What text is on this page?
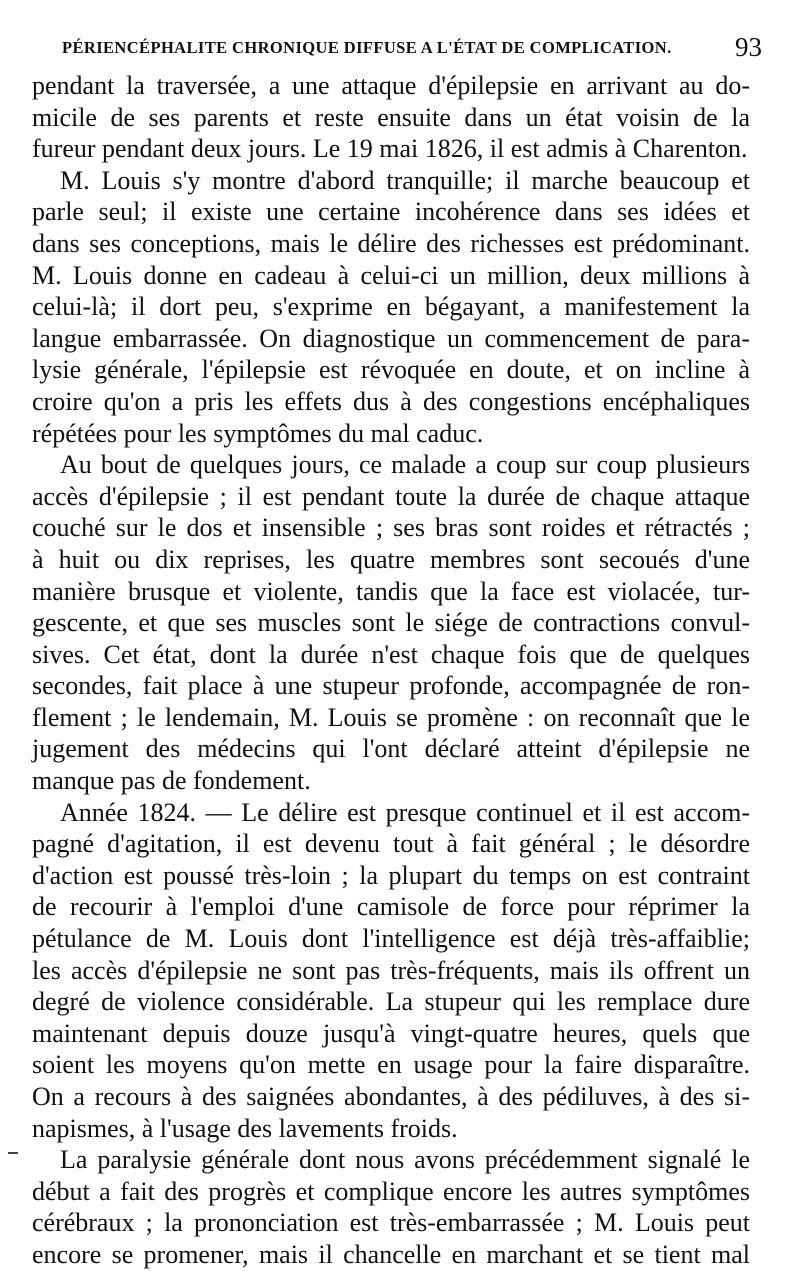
PÉRIENCÉPHALITE CHRONIQUE DIFFUSE A L'ÉTAT DE COMPLICATION. 93
pendant la traversée, a une attaque d'épilepsie en arrivant au do-
micile de ses parents et reste ensuite dans un état voisin de la
fureur pendant deux jours. Le 19 mai 1826, il est admis à Charenton.
M. Louis s'y montre d'abord tranquille; il marche beaucoup et
parle seul; il existe une certaine incohérence dans ses idées et
dans ses conceptions, mais le délire des richesses est prédominant.
M. Louis donne en cadeau à celui-ci un million, deux millions à
celui-là; il dort peu, s'exprime en bégayant, a manifestement la
langue embarrassée. On diagnostique un commencement de para-
lysie générale, l'épilepsie est révoquée en doute, et on incline à
croire qu'on a pris les effets dus à des congestions encéphaliques
répétées pour les symptômes du mal caduc.
Au bout de quelques jours, ce malade a coup sur coup plusieurs
accès d'épilepsie ; il est pendant toute la durée de chaque attaque
couché sur le dos et insensible ; ses bras sont roides et rétractés ;
à huit ou dix reprises, les quatre membres sont secoués d'une
manière brusque et violente, tandis que la face est violacée, tur-
gescente, et que ses muscles sont le siége de contractions convul-
sives. Cet état, dont la durée n'est chaque fois que de quelques
secondes, fait place à une stupeur profonde, accompagnée de ron-
flement ; le lendemain, M. Louis se promène : on reconnaît que le
jugement des médecins qui l'ont déclaré atteint d'épilepsie ne
manque pas de fondement.
Année 1824. — Le délire est presque continuel et il est accom-
pagné d'agitation, il est devenu tout à fait général ; le désordre
d'action est poussé très-loin ; la plupart du temps on est contraint
de recourir à l'emploi d'une camisole de force pour réprimer la
pétulance de M. Louis dont l'intelligence est déjà très-affaiblie;
les accès d'épilepsie ne sont pas très-fréquents, mais ils offrent un
degré de violence considérable. La stupeur qui les remplace dure
maintenant depuis douze jusqu'à vingt-quatre heures, quels que
soient les moyens qu'on mette en usage pour la faire disparaître.
On a recours à des saignées abondantes, à des pédiluves, à des si-
napismes, à l'usage des lavements froids.
La paralysie générale dont nous avons précédemment signalé le
début a fait des progrès et complique encore les autres symptômes
cérébraux ; la prononciation est très-embarrassée ; M. Louis peut
encore se promener, mais il chancelle en marchant et se tient mal
